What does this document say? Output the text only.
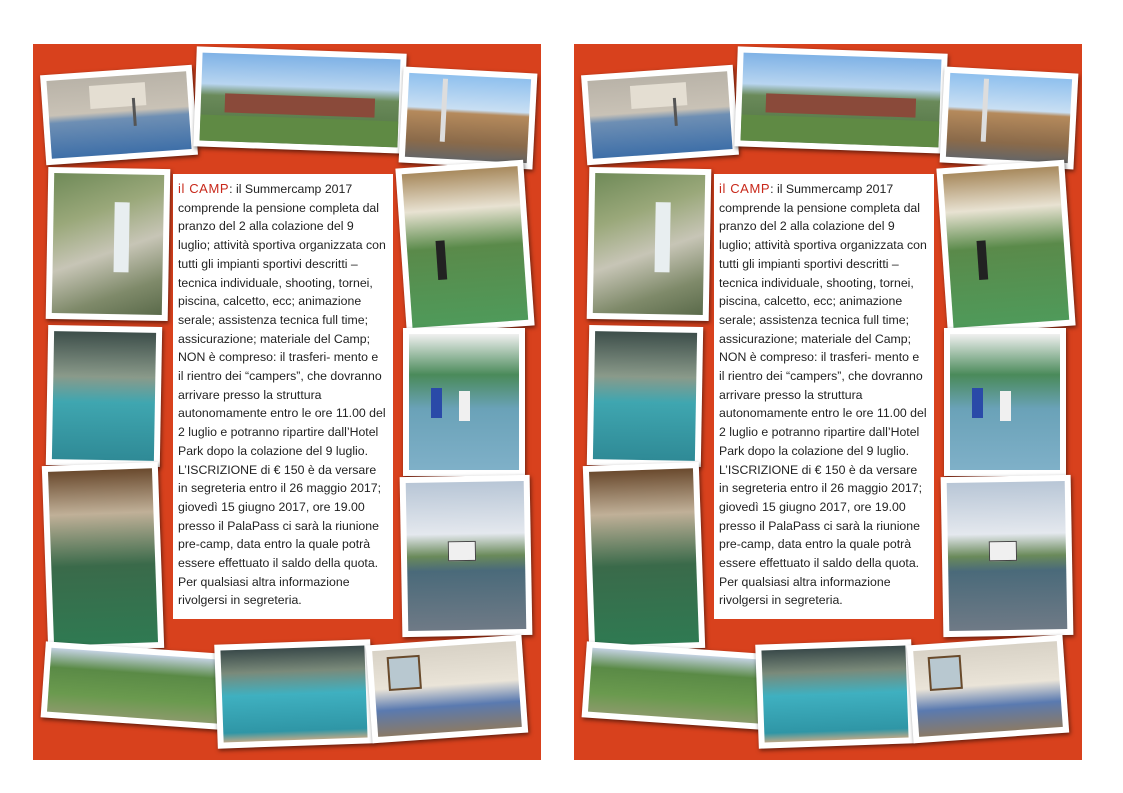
il CAMP: il Summercamp 2017 comprende la pensione completa dal pranzo del 2 alla colazione del 9 luglio; attività sportiva organizzata con tutti gli impianti sportivi descritti – tecnica individuale, shooting, tornei, piscina, calcetto, ecc; animazione serale; assistenza tecnica full time; assicurazione; materiale del Camp; NON è compreso: il trasferi- mento e il rientro dei “campers”, che dovranno arrivare presso la struttura autonomamente entro le ore 11.00 del 2 luglio e potranno ripartire dall’Hotel Park dopo la colazione del 9 luglio. L’ISCRIZIONE di € 150 è da versare in segreteria entro il 26 maggio 2017; giovedì 15 giugno 2017, ore 19.00 presso il PalaPass ci sarà la riunione pre-camp, data entro la quale potrà essere effettuato il saldo della quota. Per qualsiasi altra informazione rivolgersi in segreteria.
il CAMP: il Summercamp 2017 comprende la pensione completa dal pranzo del 2 alla colazione del 9 luglio; attività sportiva organizzata con tutti gli impianti sportivi descritti – tecnica individuale, shooting, tornei, piscina, calcetto, ecc; animazione serale; assistenza tecnica full time; assicurazione; materiale del Camp; NON è compreso: il trasferi- mento e il rientro dei “campers”, che dovranno arrivare presso la struttura autonomamente entro le ore 11.00 del 2 luglio e potranno ripartire dall’Hotel Park dopo la colazione del 9 luglio. L’ISCRIZIONE di € 150 è da versare in segreteria entro il 26 maggio 2017; giovedì 15 giugno 2017, ore 19.00 presso il PalaPass ci sarà la riunione pre-camp, data entro la quale potrà essere effettuato il saldo della quota. Per qualsiasi altra informazione rivolgersi in segreteria.
